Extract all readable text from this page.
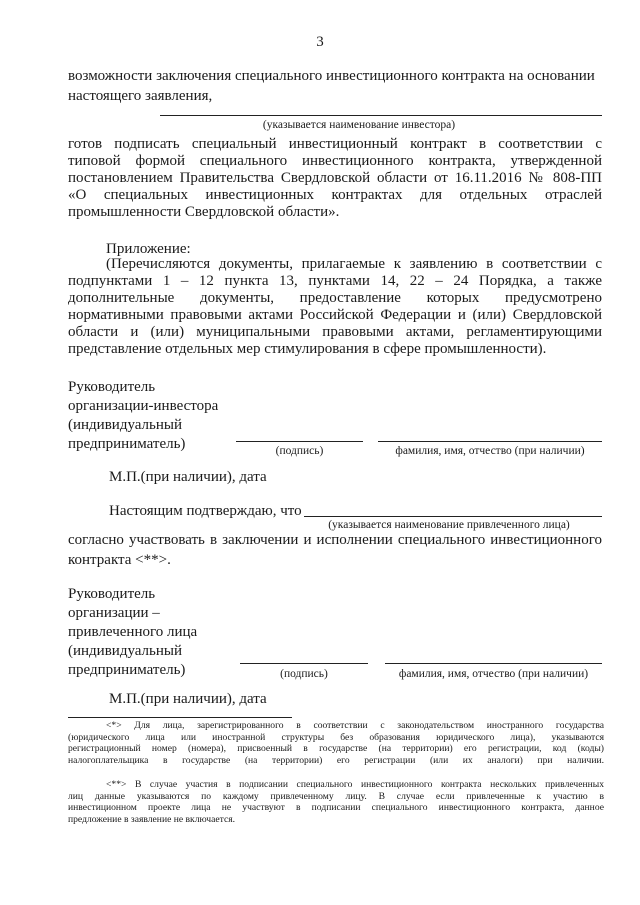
3
возможности заключения специального инвестиционного контракта на основании
настоящего заявления,
(указывается наименование инвестора)
готов подписать специальный инвестиционный контракт в соответствии с
типовой формой специального инвестиционного контракта, утвержденной
постановлением Правительства Свердловской области от 16.11.2016 № 808-ПП
«О специальных инвестиционных контрактах для отдельных отраслей
промышленности Свердловской области».
Приложение:
(Перечисляются документы, прилагаемые к заявлению в соответствии с
подпунктами 1 – 12 пункта 13, пунктами 14, 22 – 24 Порядка, а также
дополнительные документы, предоставление которых предусмотрено
нормативными правовыми актами Российской Федерации и (или) Свердловской
области и (или) муниципальными правовыми актами, регламентирующими
представление отдельных мер стимулирования в сфере промышленности).
Руководитель
организации-инвестора
(индивидуальный
предприниматель)	(подпись)	фамилия, имя, отчество (при наличии)
М.П.(при наличии), дата
Настоящим подтверждаю, что
(указывается наименование привлеченного лица)
согласно участвовать в заключении и исполнении специального инвестиционного
контракта <**>.
Руководитель
организации –
привлеченного лица
(индивидуальный
предприниматель)	(подпись)	фамилия, имя, отчество (при наличии)
М.П.(при наличии), дата
<*> Для лица, зарегистрированного в соответствии с законодательством иностранного государства
(юридического лица или иностранной структуры без образования юридического лица), указываются
регистрационный номер (номера), присвоенный в государстве (на территории) его регистрации, код (коды)
налогоплательщика в государстве (на территории) его регистрации (или их аналоги) при наличии.
<**> В случае участия в подписании специального инвестиционного контракта нескольких привлеченных
лиц данные указываются по каждому привлеченному лицу. В случае если привлеченные к участию в
инвестиционном проекте лица не участвуют в подписании специального инвестиционного контракта, данное
предложение в заявление не включается.
